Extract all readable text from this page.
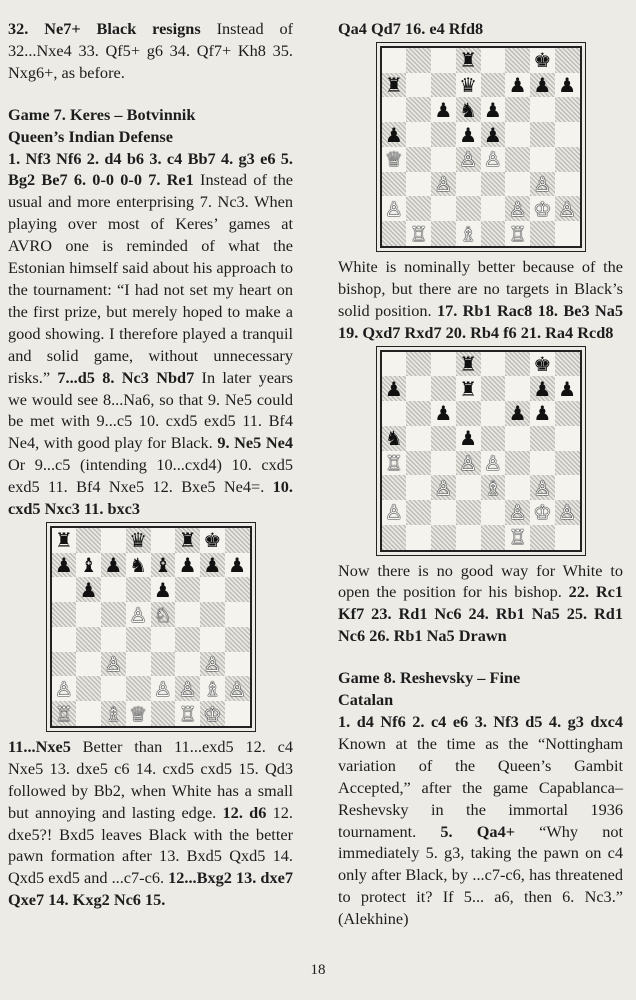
32. Ne7+ Black resigns Instead of 32...Nxe4 33. Qf5+ g6 34. Qf7+ Kh8 35. Nxg6+, as before.

Game 7. Keres – Botvinnik

Queen’s Indian Defense

1. Nf3 Nf6 2. d4 b6 3. c4 Bb7 4. g3 e6 5. Bg2 Be7 6. 0-0 0-0 7. Re1 Instead of the usual and more enterprising 7. Nc3. When playing over most of Keres’ games at AVRO one is reminded of what the Estonian himself said about his approach to the tournament: “I had not set my heart on the first prize, but merely hoped to make a good showing. I therefore played a tranquil and solid game, without unnecessary risks.” 7...d5 8. Nc3 Nbd7 In later years we would see 8...Na6, so that 9. Ne5 could be met with 9...c5 10. cxd5 exd5 11. Bf4 Ne4, with good play for Black. 9. Ne5 Ne4 Or 9...c5 (intending 10...cxd4) 10. cxd5 exd5 11. Bf4 Nxe5 12. Bxe5 Ne4=. 10. cxd5 Nxc3 11. bxc3

♜	♛ ♜ ♚
♟ ♝ ♟ ♞ ♝ ♟ ♟ ♟
♟	♟
♙ ♘
♙	♙
♙	♙ ♙ ♗ ♙
♖ ♗ ♕ ♖ ♔

11...Nxe5 Better than 11...exd5 12. c4 Nxe5 13. dxe5 c6 14. cxd5 cxd5 15. Qd3 followed by Bb2, when White has a small but annoying and lasting edge. 12. d6 12. dxe5?! Bxd5 leaves Black with the better pawn formation after 13. Bxd5 Qxd5 14. Qxd5 exd5 and ...c7-c6. 12...Bxg2 13. dxe7 Qxe7 14. Kxg2 Nc6 15.

Qa4 Qd7 16. e4 Rfd8

♜	♚
♜	♛ ♟ ♟ ♟
♟ ♞ ♟
♟	♟ ♟
♕	♙ ♙
♙	♙
♙	♙ ♔ ♙
♖ ♗ ♖

White is nominally better because of the bishop, but there are no targets in Black’s solid position. 17. Rb1 Rac8 18. Be3 Na5 19. Qxd7 Rxd7 20. Rb4 f6 21. Ra4 Rcd8

♜	♚
♟	♜	♟ ♟
♟	♟ ♟
♞	♟
♖	♙ ♙
♙ ♗ ♙
♙	♙ ♔ ♙
♖

Now there is no good way for White to open the position for his bishop. 22. Rc1 Kf7 23. Rd1 Nc6 24. Rb1 Na5 25. Rd1 Nc6 26. Rb1 Na5 Drawn

Game 8. Reshevsky – Fine

Catalan

1. d4 Nf6 2. c4 e6 3. Nf3 d5 4. g3 dxc4 Known at the time as the “Nottingham variation of the Queen’s Gambit Accepted,” after the game Capablanca–Reshevsky in the immortal 1936 tournament. 5. Qa4+ “Why not immediately 5. g3, taking the pawn on c4 only after Black, by ...c7-c6, has threatened to protect it? If 5... a6, then 6. Nc3.” (Alekhine)

18
